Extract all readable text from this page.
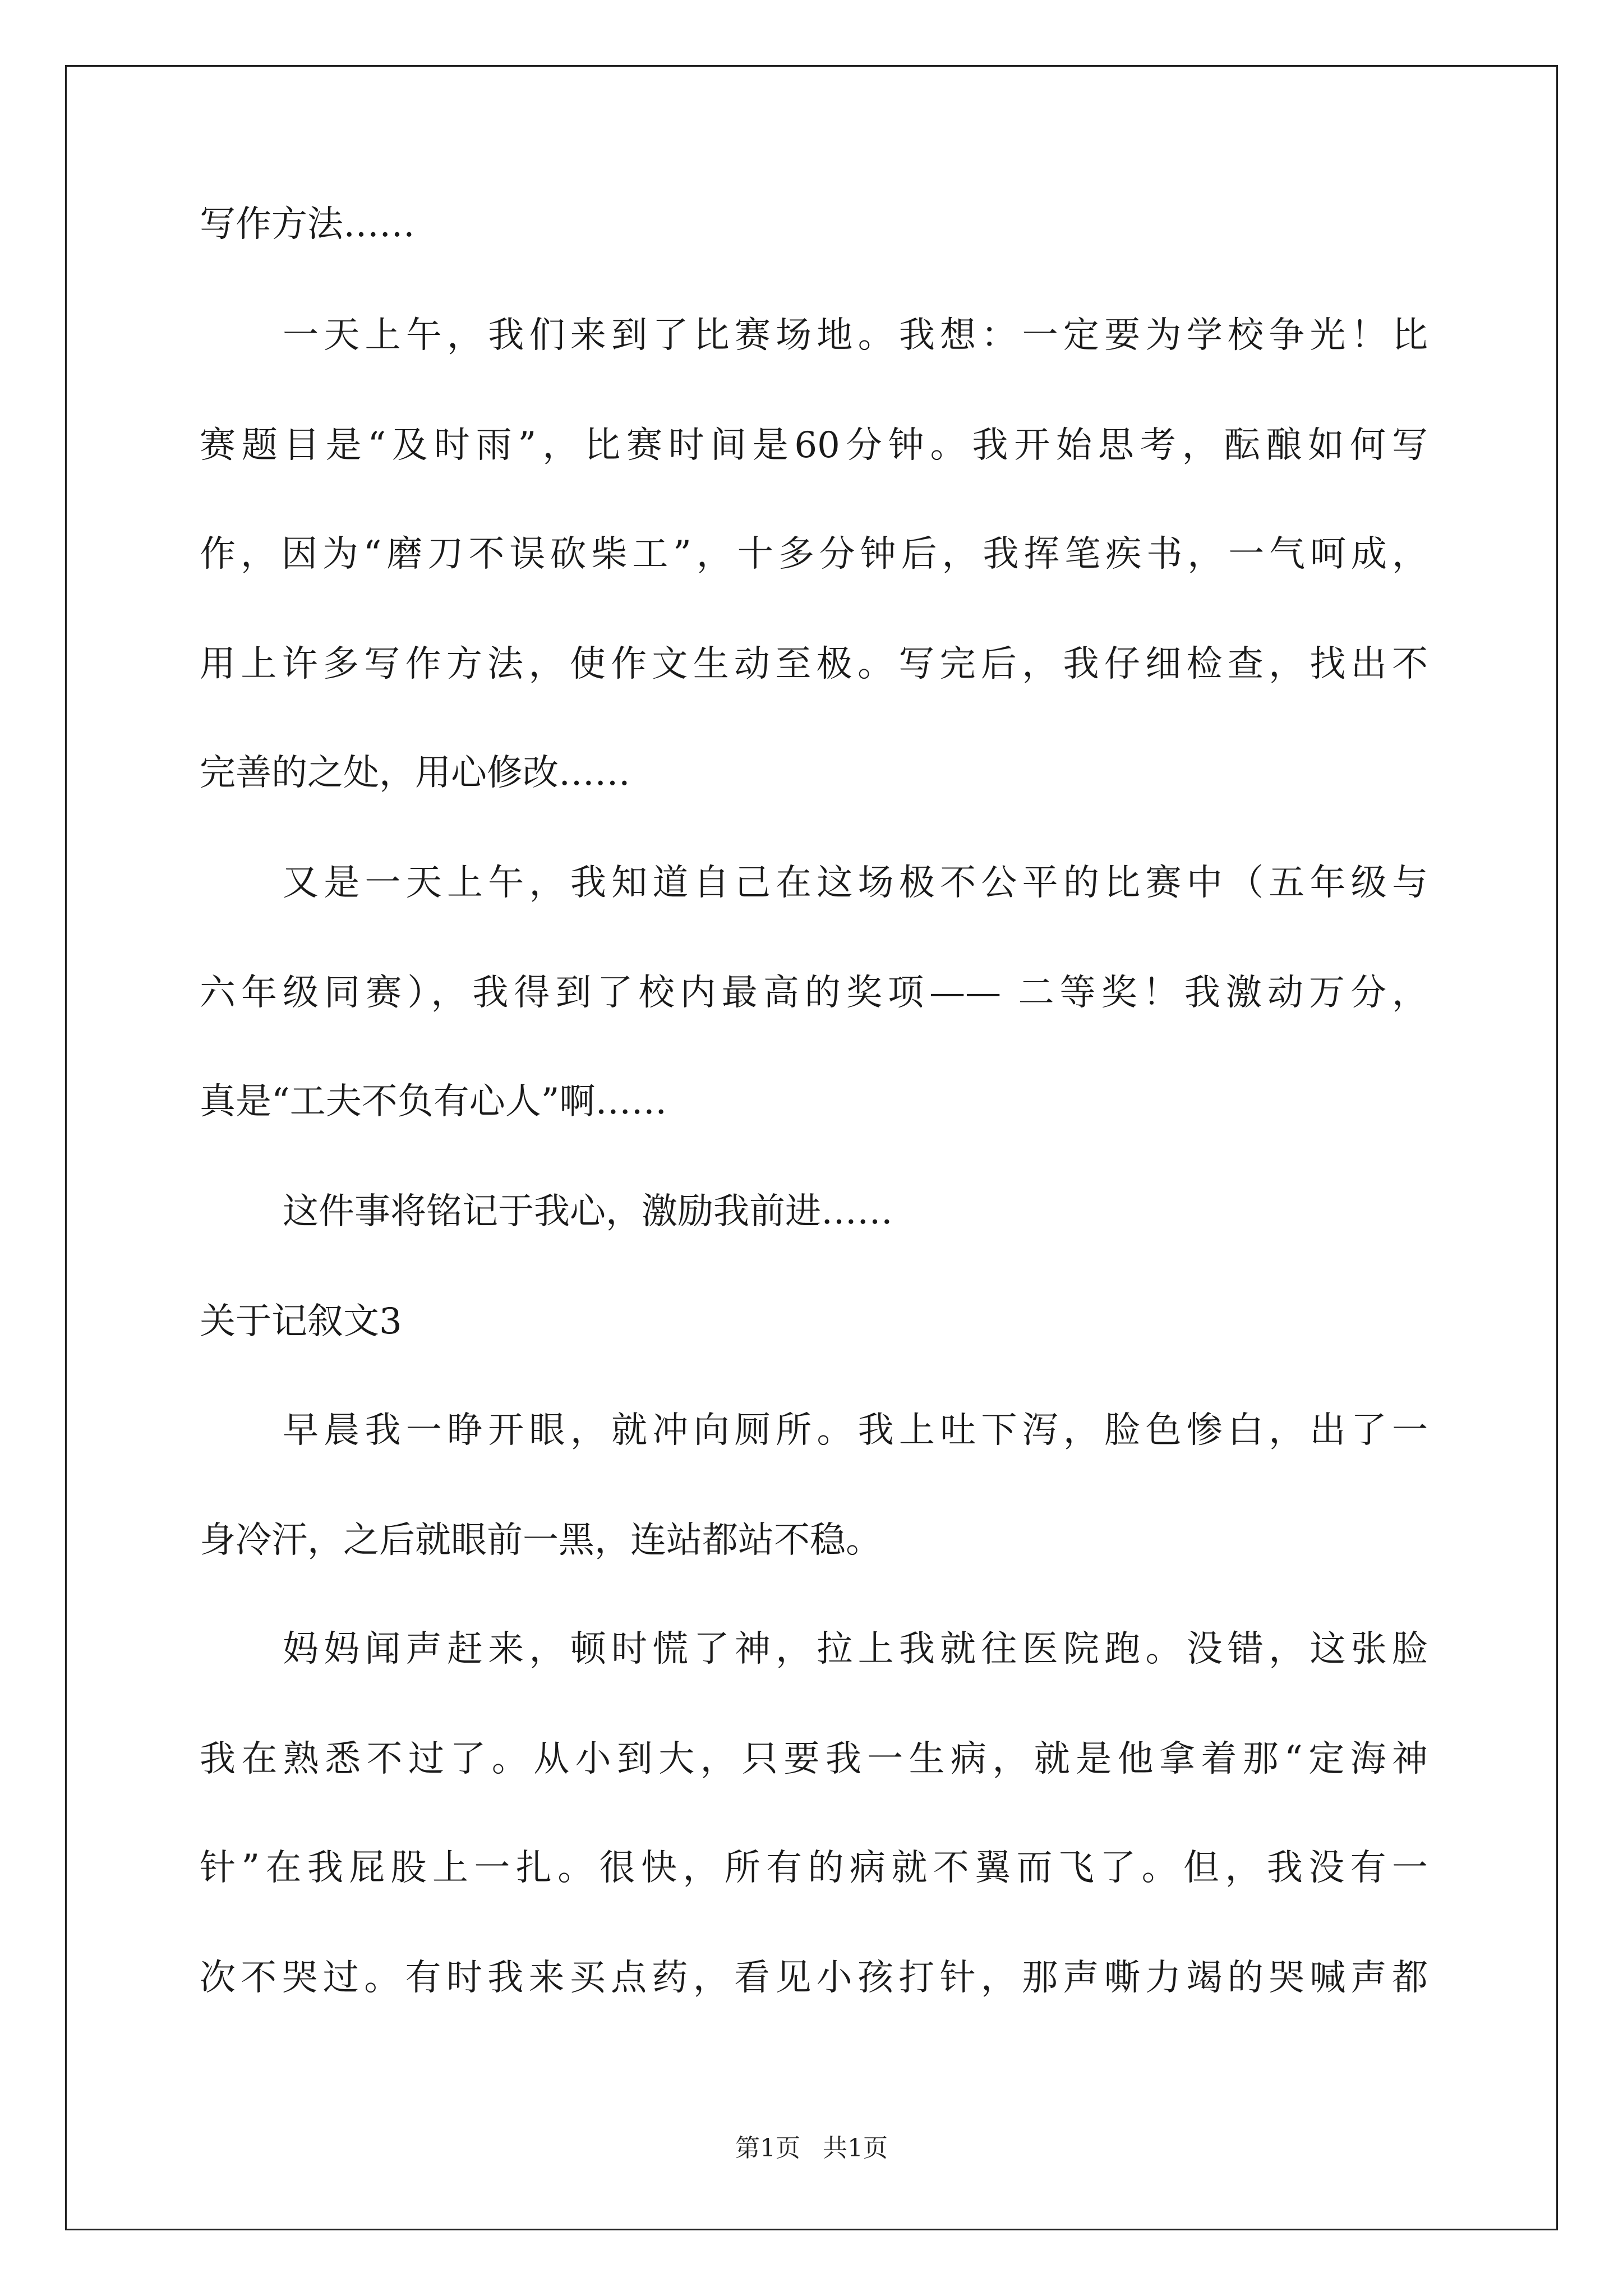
写作方法……
一天上午，我们来到了比赛场地。我想：一定要为学校争光！比
赛题目是“及时雨”，比赛时间是60分钟。我开始思考，酝酿如何写
作，因为“磨刀不误砍柴工”，十多分钟后，我挥笔疾书，一气呵成，
用上许多写作方法，使作文生动至极。写完后，我仔细检查，找出不
完善的之处，用心修改……
又是一天上午，我知道自己在这场极不公平的比赛中（五年级与
六年级同赛），我得到了校内最高的奖项—— 二等奖！我激动万分，
真是“工夫不负有心人”啊……
这件事将铭记于我心，激励我前进……
关于记叙文3
早晨我一睁开眼，就冲向厕所。我上吐下泻，脸色惨白，出了一
身冷汗，之后就眼前一黑，连站都站不稳。
妈妈闻声赶来，顿时慌了神，拉上我就往医院跑。没错，这张脸
我在熟悉不过了。从小到大，只要我一生病，就是他拿着那“定海神
针”在我屁股上一扎。很快，所有的病就不翼而飞了。但，我没有一
次不哭过。有时我来买点药，看见小孩打针，那声嘶力竭的哭喊声都
第1页 共1页
